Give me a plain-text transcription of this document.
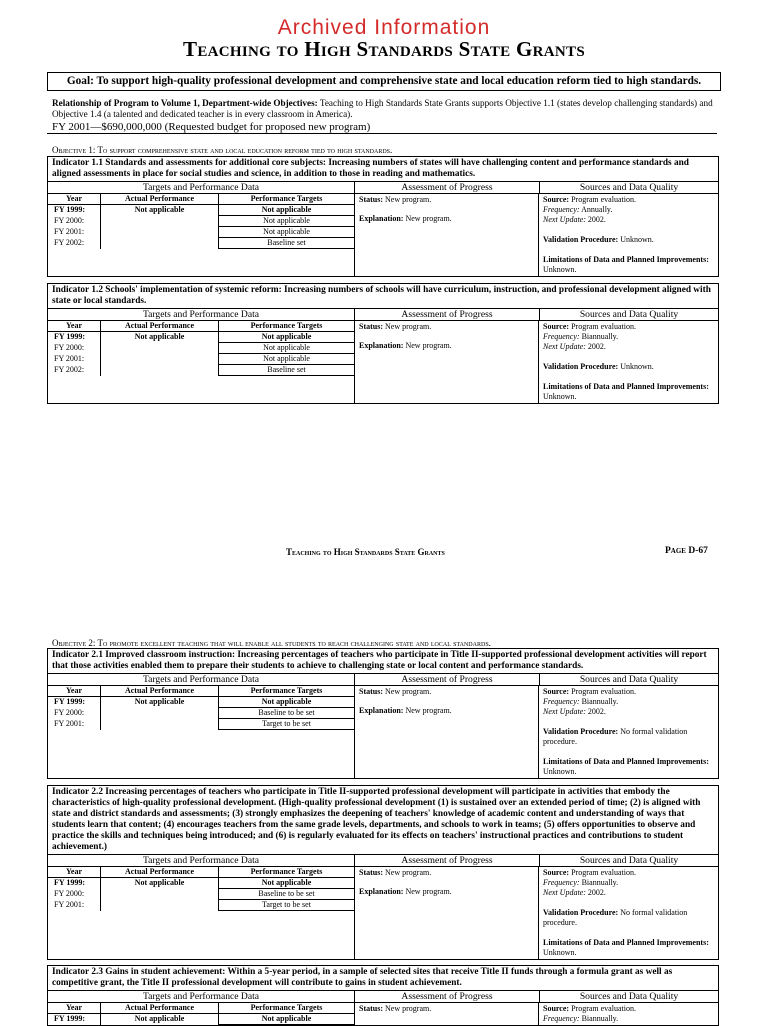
Archived Information
Teaching to High Standards State Grants
Goal: To support high-quality professional development and comprehensive state and local education reform tied to high standards.
Relationship of Program to Volume 1, Department-wide Objectives: Teaching to High Standards State Grants supports Objective 1.1 (states develop challenging standards) and Objective 1.4 (a talented and dedicated teacher is in every classroom in America).
FY 2001—$690,000,000 (Requested budget for proposed new program)
Objective 1: To support comprehensive state and local education reform tied to high standards.
Indicator 1.1 Standards and assessments for additional core subjects: Increasing numbers of states will have challenging content and performance standards and aligned assessments in place for social studies and science, in addition to those in reading and mathematics.
Targets and Performance Data	Assessment of Progress	Sources and Data Quality
Year	Actual Performance	Performance Targets
FY 1999:	Not applicable	Not applicable
FY 2000:		Not applicable
FY 2001:		Not applicable
FY 2002:		Baseline set
Status: New program.
Explanation: New program.
Source: Program evaluation.
Frequency: Annually.
Next Update: 2002.
Validation Procedure: Unknown.
Limitations of Data and Planned Improvements: Unknown.
Indicator 1.2 Schools' implementation of systemic reform: Increasing numbers of schools will have curriculum, instruction, and professional development aligned with state or local standards.
Targets and Performance Data	Assessment of Progress	Sources and Data Quality
Year	Actual Performance	Performance Targets
FY 1999:	Not applicable	Not applicable
FY 2000:		Not applicable
FY 2001:		Not applicable
FY 2002:		Baseline set
Status: New program.
Explanation: New program.
Source: Program evaluation.
Frequency: Biannually.
Next Update: 2002.
Validation Procedure: Unknown.
Limitations of Data and Planned Improvements: Unknown.
Indicator 2.1 Improved classroom instruction: Increasing percentages of teachers who participate in Title II-supported professional development activities will report that those activities enabled them to prepare their students to achieve to challenging state or local content and performance standards.
Targets and Performance Data	Assessment of Progress	Sources and Data Quality
Year	Actual Performance	Performance Targets
FY 1999:	Not applicable	Not applicable
FY 2000:		Baseline to be set
FY 2001:		Target to be set
Status: New program.
Explanation: New program.
Source: Program evaluation.
Frequency: Biannually.
Next Update: 2002.
Validation Procedure: No formal validation procedure.
Limitations of Data and Planned Improvements: Unknown.
Indicator 2.2 Increasing percentages of teachers who participate in Title II-supported professional development will participate in activities that embody the characteristics of high-quality professional development. (High-quality professional development (1) is sustained over an extended period of time; (2) is aligned with state and district standards and assessments; (3) strongly emphasizes the deepening of teachers' knowledge of academic content and understanding of ways that students learn that content; (4) encourages teachers from the same grade levels, departments, and schools to work in teams; (5) offers opportunities to observe and practice the skills and techniques being introduced; and (6) is regularly evaluated for its effects on teachers' instructional practices and contributions to student achievement.)
Targets and Performance Data	Assessment of Progress	Sources and Data Quality
Year	Actual Performance	Performance Targets
FY 1999:	Not applicable	Not applicable
FY 2000:		Baseline to be set
FY 2001:		Target to be set
Status: New program.
Explanation: New program.
Source: Program evaluation.
Frequency: Biannually.
Next Update: 2002.
Validation Procedure: No formal validation procedure.
Limitations of Data and Planned Improvements: Unknown.
Indicator 2.3 Gains in student achievement: Within a 5-year period, in a sample of selected sites that receive Title II funds through a formula grant as well as competitive grant, the Title II professional development will contribute to gains in student achievement.
Targets and Performance Data	Assessment of Progress	Sources and Data Quality
Year	Actual Performance	Performance Targets
FY 1999:	Not applicable	Not applicable
Status: New program.	Source: Program evaluation.
Frequency: Biannually.
Teaching to High Standards State Grants	Page D-67
Objective 2: To promote excellent teaching that will enable all students to reach challenging state and local standards.
